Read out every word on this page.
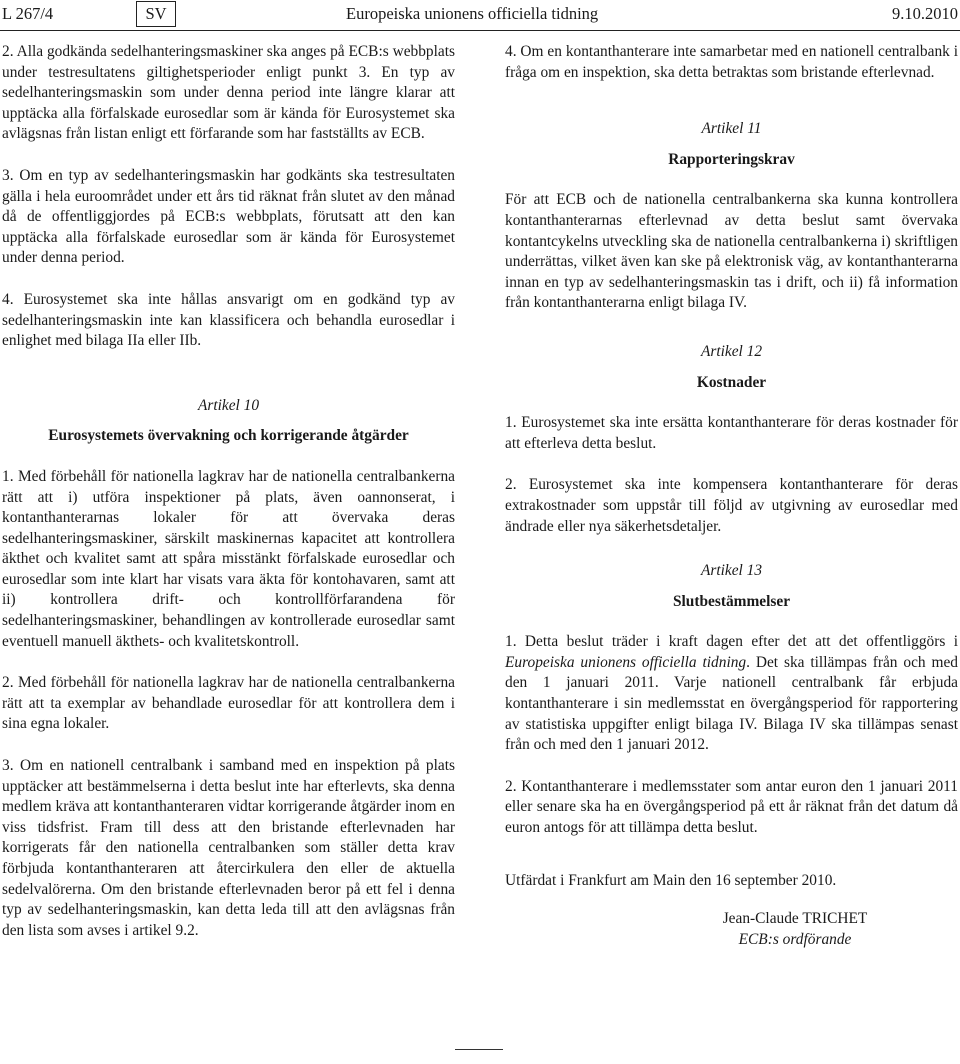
L 267/4	SV	Europeiska unionens officiella tidning	9.10.2010

2. Alla godkända sedelhanteringsmaskiner ska anges på ECB:s webbplats under testresultatens giltighetsperioder enligt punkt 3. En typ av sedelhanteringsmaskin som under denna period inte längre klarar att upptäcka alla förfalskade eurosedlar som är kända för Eurosystemet ska avlägsnas från listan enligt ett förfarande som har fastställts av ECB.

3. Om en typ av sedelhanteringsmaskin har godkänts ska testresultaten gälla i hela euroområdet under ett års tid räknat från slutet av den månad då de offentliggjordes på ECB:s webbplats, förutsatt att den kan upptäcka alla förfalskade eurosedlar som är kända för Eurosystemet under denna period.

4. Eurosystemet ska inte hållas ansvarigt om en godkänd typ av sedelhanteringsmaskin inte kan klassificera och behandla eurosedlar i enlighet med bilaga IIa eller IIb.

Artikel 10
Eurosystemets övervakning och korrigerande åtgärder

1. Med förbehåll för nationella lagkrav har de nationella centralbankerna rätt att i) utföra inspektioner på plats, även oannonserat, i kontanthanterarnas lokaler för att övervaka deras sedelhanteringsmaskiner, särskilt maskinernas kapacitet att kontrollera äkthet och kvalitet samt att spåra misstänkt förfalskade eurosedlar och eurosedlar som inte klart har visats vara äkta för kontohavaren, samt att ii) kontrollera drift- och kontrollförfarandena för sedelhanteringsmaskiner, behandlingen av kontrollerade eurosedlar samt eventuell manuell äkthets- och kvalitetskontroll.

2. Med förbehåll för nationella lagkrav har de nationella centralbankerna rätt att ta exemplar av behandlade eurosedlar för att kontrollera dem i sina egna lokaler.

3. Om en nationell centralbank i samband med en inspektion på plats upptäcker att bestämmelserna i detta beslut inte har efterlevts, ska denna medlem kräva att kontanthanteraren vidtar korrigerande åtgärder inom en viss tidsfrist. Fram till dess att den bristande efterlevnaden har korrigerats får den nationella centralbanken som ställer detta krav förbjuda kontanthanteraren att återcirkulera den eller de aktuella sedelvalörerna. Om den bristande efterlevnaden beror på ett fel i denna typ av sedelhanteringsmaskin, kan detta leda till att den avlägsnas från den lista som avses i artikel 9.2.

4. Om en kontanthanterare inte samarbetar med en nationell centralbank i fråga om en inspektion, ska detta betraktas som bristande efterlevnad.

Artikel 11
Rapporteringskrav

För att ECB och de nationella centralbankerna ska kunna kontrollera kontanthanterarnas efterlevnad av detta beslut samt övervaka kontantcykelns utveckling ska de nationella centralbankerna i) skriftligen underrättas, vilket även kan ske på elektronisk väg, av kontanthanterarna innan en typ av sedelhanteringsmaskin tas i drift, och ii) få information från kontanthanterarna enligt bilaga IV.

Artikel 12
Kostnader

1. Eurosystemet ska inte ersätta kontanthanterare för deras kostnader för att efterleva detta beslut.

2. Eurosystemet ska inte kompensera kontanthanterare för deras extrakostnader som uppstår till följd av utgivning av eurosedlar med ändrade eller nya säkerhetsdetaljer.

Artikel 13
Slutbestämmelser

1. Detta beslut träder i kraft dagen efter det att det offentliggörs i Europeiska unionens officiella tidning. Det ska tillämpas från och med den 1 januari 2011. Varje nationell centralbank får erbjuda kontanthanterare i sin medlemsstat en övergångsperiod för rapportering av statistiska uppgifter enligt bilaga IV. Bilaga IV ska tillämpas senast från och med den 1 januari 2012.

2. Kontanthanterare i medlemsstater som antar euron den 1 januari 2011 eller senare ska ha en övergångsperiod på ett år räknat från det datum då euron antogs för att tillämpa detta beslut.

Utfärdat i Frankfurt am Main den 16 september 2010.

Jean-Claude TRICHET
ECB:s ordförande
